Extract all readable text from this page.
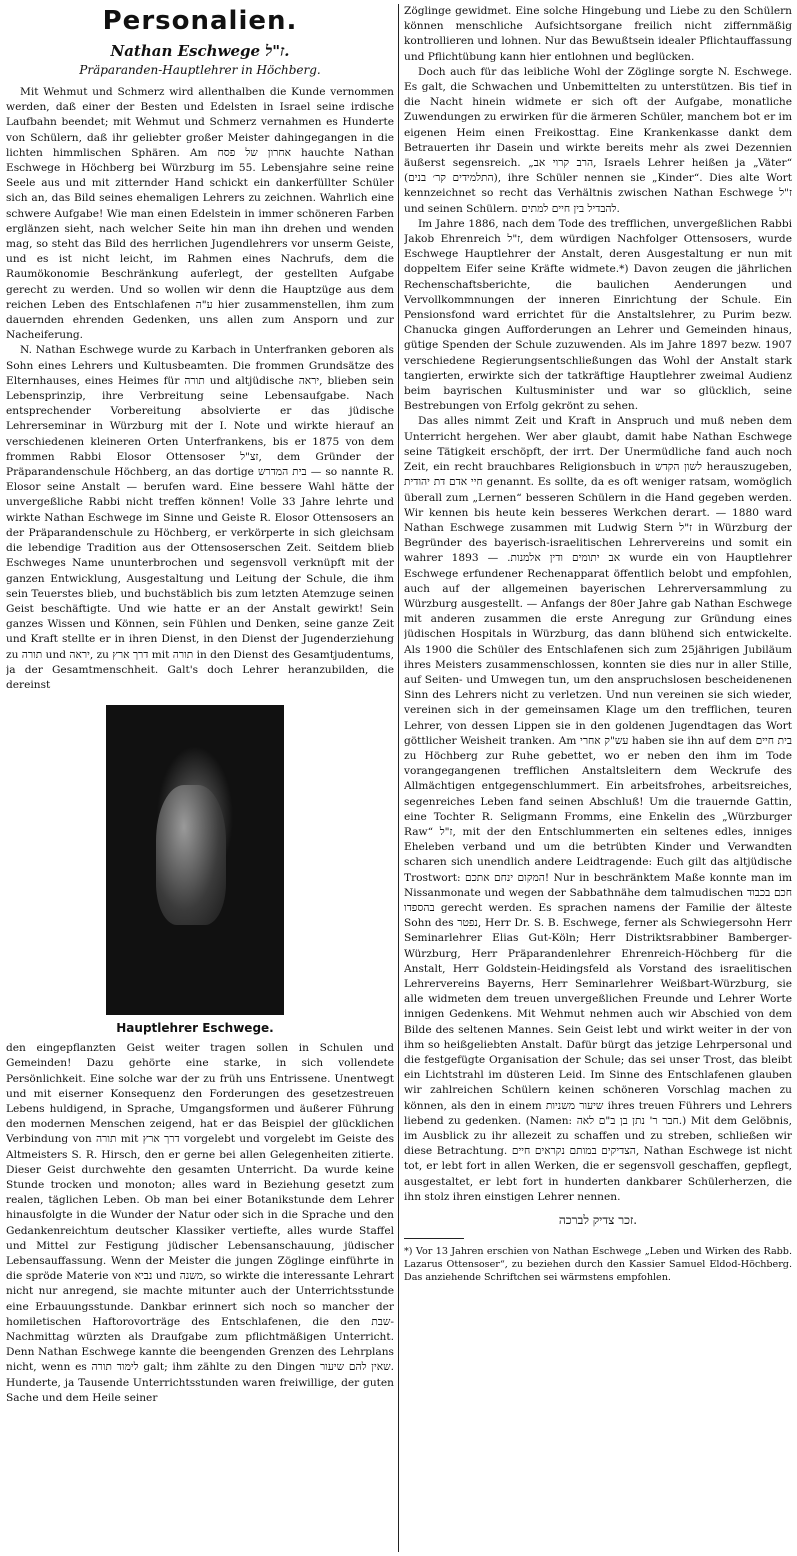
Personalien.
Nathan Eschwege ז"ל.
Präparanden-Hauptlehrer in Höchberg.

Mit Wehmut und Schmerz wird allenthalben die Kunde vernommen werden, daß einer der Besten und Edelsten in Israel seine irdische Laufbahn beendet; mit Wehmut und Schmerz vernahmen es Hunderte von Schülern, daß ihr geliebter großer Meister dahingegangen in die lichten himmlischen Sphären. Am אחרון של פסח hauchte Nathan Eschwege in Höchberg bei Würzburg im 55. Lebensjahre seine reine Seele aus und mit zitternder Hand schickt ein dankerfüllter Schüler sich an, das Bild seines ehemaligen Lehrers zu zeichnen. Wahrlich eine schwere Aufgabe! Wie man einen Edelstein in immer schöneren Farben erglänzen sieht, nach welcher Seite hin man ihn drehen und wenden mag, so steht das Bild des herrlichen Jugendlehrers vor unserm Geiste, und es ist nicht leicht, im Rahmen eines Nachrufs, dem die Raumökonomie Beschränkung auferlegt, der gestellten Aufgabe gerecht zu werden. Und so wollen wir denn die Hauptzüge aus dem reichen Leben des Entschlafenen ע"ה hier zusammenstellen, ihm zum dauernden ehrenden Gedenken, uns allen zum Ansporn und zur Nacheiferung.

N. Nathan Eschwege wurde zu Karbach in Unterfranken geboren als Sohn eines Lehrers und Kultusbeamten. Die frommen Grundsätze des Elternhauses, eines Heimes für תורה und altjüdische יראה, blieben sein Lebensprinzip, ihre Verbreitung seine Lebensaufgabe. Nach entsprechender Vorbereitung absolvierte er das jüdische Lehrerseminar in Würzburg mit der I. Note und wirkte hierauf an verschiedenen kleineren Orten Unterfrankens, bis er 1875 von dem frommen Rabbi Elosor Ottensoser זצ"ל, dem Gründer der Präparandenschule Höchberg, an das dortige בית המדרש — so nannte R. Elosor seine Anstalt — berufen ward. Eine bessere Wahl hätte der unvergeßliche Rabbi nicht treffen können! Volle 33 Jahre lehrte und wirkte Nathan Eschwege im Sinne und Geiste R. Elosor Ottensosers an der Präparandenschule zu Höchberg, er verkörperte in sich gleichsam die lebendige Tradition aus der Ottensoserschen Zeit. Seitdem blieb Eschweges Name ununterbrochen und segensvoll verknüpft mit der ganzen Entwicklung, Ausgestaltung und Leitung der Schule, die ihm sein Teuerstes blieb, und buchstäblich bis zum letzten Atemzuge seinen Geist beschäftigte. Und wie hatte er an der Anstalt gewirkt! Sein ganzes Wissen und Können, sein Fühlen und Denken, seine ganze Zeit und Kraft stellte er in ihren Dienst, in den Dienst der Jugenderziehung zu תורה und יראה, zu דרך ארץ mit תורה in den Dienst des Gesamtjudentums, ja der Gesamtmenschheit. Galt's doch Lehrer heranzubilden, die dereinst

Hauptlehrer Eschwege.

den eingepflanzten Geist weiter tragen sollen in Schulen und Gemeinden! Dazu gehörte eine starke, in sich vollendete Persönlichkeit. Eine solche war der zu früh uns Entrissene. Unentwegt und mit eiserner Konsequenz den Forderungen des gesetzestreuen Lebens huldigend, in Sprache, Umgangsformen und äußerer Führung den modernen Menschen zeigend, hat er das Beispiel der glücklichen Verbindung von תורה mit דרך ארץ vorgelebt und vorgelebt im Geiste des Altmeisters S. R. Hirsch, den er gerne bei allen Gelegenheiten zitierte. Dieser Geist durchwehte den gesamten Unterricht. Da wurde keine Stunde trocken und monoton; alles ward in Beziehung gesetzt zum realen, täglichen Leben. Ob man bei einer Botanikstunde dem Lehrer hinausfolgte in die Wunder der Natur oder sich in die Sprache und den Gedankenreichtum deutscher Klassiker vertiefte, alles wurde Staffel und Mittel zur Festigung jüdischer Lebensanschauung, jüdischer Lebensauffassung. Wenn der Meister die jungen Zöglinge einführte in die spröde Materie von נביא und משנה, so wirkte die interessante Lehrart nicht nur anregend, sie machte mitunter auch der Unterrichtsstunde eine Erbauungsstunde. Dankbar erinnert sich noch so mancher der homiletischen Haftorovorträge des Entschlafenen, die den שבת-Nachmittag würzten als Draufgabe zum pflichtmäßigen Unterricht. Denn Nathan Eschwege kannte die beengenden Grenzen des Lehrplans nicht, wenn es לימוד תורה galt; ihm zählte zu den Dingen שאין להם שיעור. Hunderte, ja Tausende Unterrichtsstunden waren freiwillige, der guten Sache und dem Heile seiner

Zöglinge gewidmet. Eine solche Hingebung und Liebe zu den Schülern können menschliche Aufsichtsorgane freilich nicht ziffernmäßig kontrollieren und lohnen. Nur das Bewußtsein idealer Pflichtauffassung und Pflichtübung kann hier entlohnen und beglücken.

Doch auch für das leibliche Wohl der Zöglinge sorgte N. Eschwege. Es galt, die Schwachen und Unbemittelten zu unterstützen. Bis tief in die Nacht hinein widmete er sich oft der Aufgabe, monatliche Zuwendungen zu erwirken für die ärmeren Schüler, manchem bot er im eigenen Heim einen Freikosttag. Eine Krankenkasse dankt dem Betrauerten ihr Dasein und wirkte bereits mehr als zwei Dezennien äußerst segensreich. „הרב קרוי אב, Israels Lehrer heißen ja „Väter“ (התלמידים קר׳ בנים), ihre Schüler nennen sie „Kinder“. Dies alte Wort kennzeichnet so recht das Verhältnis zwischen Nathan Eschwege ז"ל und seinen Schülern. להבדיל בין חיים למתים.

Im Jahre 1886, nach dem Tode des trefflichen, unvergeßlichen Rabbi Jakob Ehrenreich ז"ל, dem würdigen Nachfolger Ottensosers, wurde Eschwege Hauptlehrer der Anstalt, deren Ausgestaltung er nun mit doppeltem Eifer seine Kräfte widmete.*) Davon zeugen die jährlichen Rechenschaftsberichte, die baulichen Aenderungen und Vervollkommnungen der inneren Einrichtung der Schule. Ein Pensionsfond ward errichtet für die Anstaltslehrer, zu Purim bezw. Chanucka gingen Aufforderungen an Lehrer und Gemeinden hinaus, gütige Spenden der Schule zuzuwenden. Als im Jahre 1897 bezw. 1907 verschiedene Regierungsentschließungen das Wohl der Anstalt stark tangierten, erwirkte sich der tatkräftige Hauptlehrer zweimal Audienz beim bayrischen Kultusminister und war so glücklich, seine Bestrebungen von Erfolg gekrönt zu sehen.

Das alles nimmt Zeit und Kraft in Anspruch und muß neben dem Unterricht hergehen. Wer aber glaubt, damit habe Nathan Eschwege seine Tätigkeit erschöpft, der irrt. Der Unermüdliche fand auch noch Zeit, ein recht brauchbares Religionsbuch in לשון הקדש herauszugeben, חיי אדם דת יהודית genannt. Es sollte, da es oft weniger ratsam, womöglich überall zum „Lernen“ besseren Schülern in die Hand gegeben werden. Wir kennen bis heute kein besseres Werkchen derart. — 1880 ward Nathan Eschwege zusammen mit Ludwig Stern ז"ל in Würzburg der Begründer des bayerisch-israelitischen Lehrervereins und somit ein wahrer אב יתומים ודין אלמנות. — 1893 wurde ein von Hauptlehrer Eschwege erfundener Rechenapparat öffentlich belobt und empfohlen, auch auf der allgemeinen bayerischen Lehrerversammlung zu Würzburg ausgestellt. — Anfangs der 80er Jahre gab Nathan Eschwege mit anderen zusammen die erste Anregung zur Gründung eines jüdischen Hospitals in Würzburg, das dann blühend sich entwickelte. Als 1900 die Schüler des Entschlafenen sich zum 25jährigen Jubiläum ihres Meisters zusammenschlossen, konnten sie dies nur in aller Stille, auf Seiten- und Umwegen tun, um den anspruchslosen bescheidenenen Sinn des Lehrers nicht zu verletzen. Und nun vereinen sie sich wieder, vereinen sich in der gemeinsamen Klage um den trefflichen, teuren Lehrer, von dessen Lippen sie in den goldenen Jugendtagen das Wort göttlicher Weisheit tranken. Am עש"ק אחרי haben sie ihn auf dem בית חיים zu Höchberg zur Ruhe gebettet, wo er neben den ihm im Tode vorangegangenen trefflichen Anstaltsleitern dem Weckrufe des Allmächtigen entgegenschlummert. Ein arbeitsfrohes, arbeitsreiches, segenreiches Leben fand seinen Abschluß! Um die trauernde Gattin, eine Tochter R. Seligmann Fromms, eine Enkelin des „Würzburger Raw“ ז"ל, mit der den Entschlummerten ein seltenes edles, inniges Eheleben verband und um die betrübten Kinder und Verwandten scharen sich unendlich andere Leidtragende: Euch gilt das altjüdische Trostwort: המקום ינחם אתכם! Nur in beschränktem Maße konnte man im Nissanmonate und wegen der Sabbathnähe dem talmudischen חכם בכבוד בהספדו gerecht werden. Es sprachen namens der Familie der älteste Sohn des נפטר, Herr Dr. S. B. Eschwege, ferner als Schwiegersohn Herr Seminarlehrer Elias Gut-Köln; Herr Distriktsrabbiner Bamberger-Würzburg, Herr Präparandenlehrer Ehrenreich-Höchberg für die Anstalt, Herr Goldstein-Heidingsfeld als Vorstand des israelitischen Lehrervereins Bayerns, Herr Seminarlehrer Weißbart-Würzburg, sie alle widmeten dem treuen unvergeßlichen Freunde und Lehrer Worte innigen Gedenkens. Mit Wehmut nehmen auch wir Abschied von dem Bilde des seltenen Mannes. Sein Geist lebt und wirkt weiter in der von ihm so heißgeliebten Anstalt. Dafür bürgt das jetzige Lehrpersonal und die festgefügte Organisation der Schule; das sei unser Trost, das bleibt ein Lichtstrahl im düsteren Leid. Im Sinne des Entschlafenen glauben wir zahlreichen Schülern keinen schöneren Vorschlag machen zu können, als den in einem שיעור משניות ihres treuen Führers und Lehrers liebend zu gedenken. (Namen: חבר ר' נתן בן ב"ם לאה.) Mit dem Gelöbnis, im Ausblick zu ihr allezeit zu schaffen und zu streben, schließen wir diese Betrachtung. הצדיקים במותם נקראים חיים, Nathan Eschwege ist nicht tot, er lebt fort in allen Werken, die er segensvoll geschaffen, gepflegt, ausgestaltet, er lebt fort in hunderten dankbarer Schülerherzen, die ihn stolz ihren einstigen Lehrer nennen.

זכר צדיק לברכה.
*) Vor 13 Jahren erschien von Nathan Eschwege „Leben und Wirken des Rabb. Lazarus Ottensoser“, zu beziehen durch den Kassier Samuel Eldod-Höchberg. Das anziehende Schriftchen sei wärmstens empfohlen.
